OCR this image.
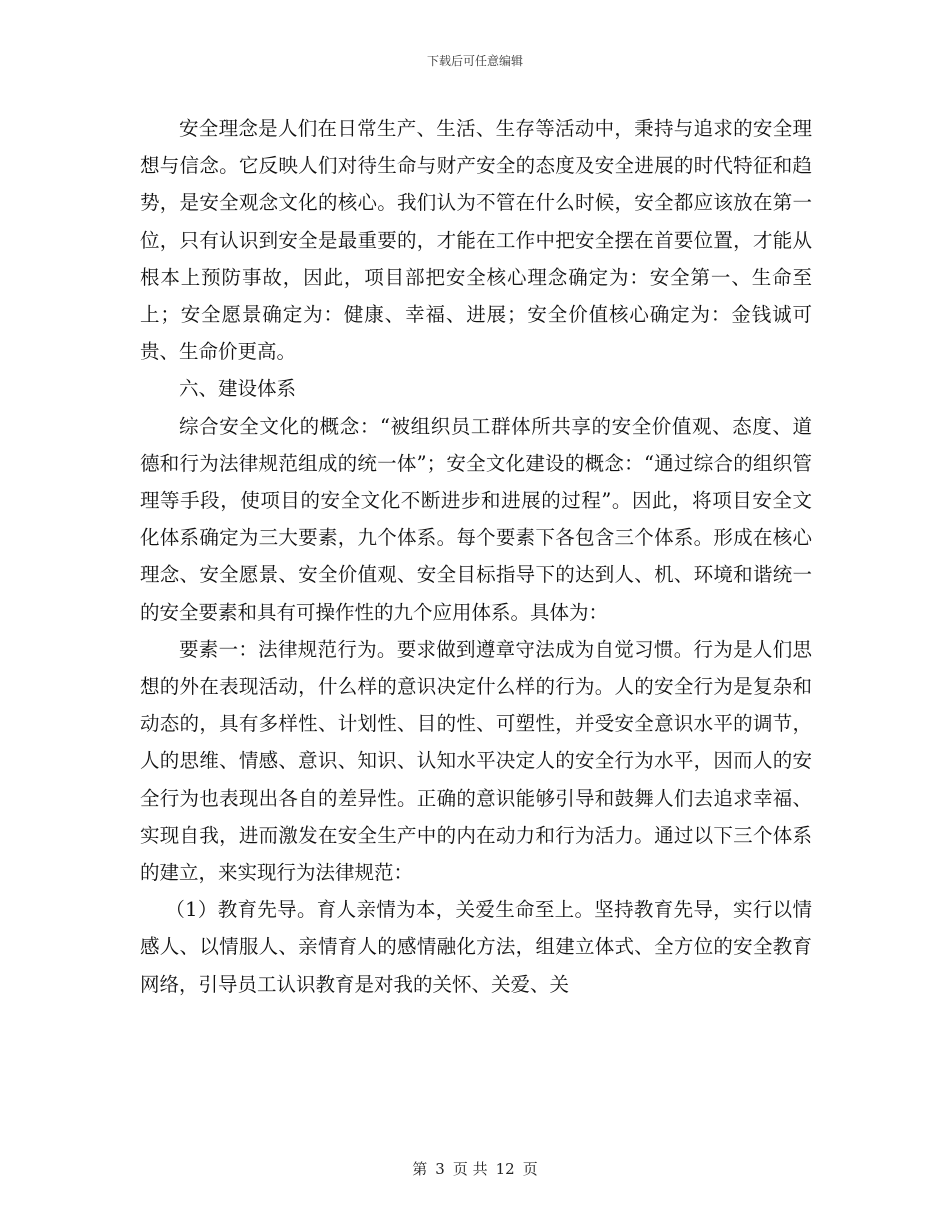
下载后可任意编辑

安全理念是人们在日常生产、生活、生存等活动中，秉持与追求的安全理想与信念。它反映人们对待生命与财产安全的态度及安全进展的时代特征和趋势，是安全观念文化的核心。我们认为不管在什么时候，安全都应该放在第一位，只有认识到安全是最重要的，才能在工作中把安全摆在首要位置，才能从根本上预防事故，因此，项目部把安全核心理念确定为：安全第一、生命至上；安全愿景确定为：健康、幸福、进展；安全价值核心确定为：金钱诚可贵、生命价更高。

六、建设体系

综合安全文化的概念：“被组织员工群体所共享的安全价值观、态度、道德和行为法律规范组成的统一体”；安全文化建设的概念：“通过综合的组织管理等手段，使项目的安全文化不断进步和进展的过程”。因此，将项目安全文化体系确定为三大要素，九个体系。每个要素下各包含三个体系。形成在核心理念、安全愿景、安全价值观、安全目标指导下的达到人、机、环境和谐统一的安全要素和具有可操作性的九个应用体系。具体为：

要素一：法律规范行为。要求做到遵章守法成为自觉习惯。行为是人们思想的外在表现活动，什么样的意识决定什么样的行为。人的安全行为是复杂和动态的，具有多样性、计划性、目的性、可塑性，并受安全意识水平的调节，人的思维、情感、意识、知识、认知水平决定人的安全行为水平，因而人的安全行为也表现出各自的差异性。正确的意识能够引导和鼓舞人们去追求幸福、实现自我，进而激发在安全生产中的内在动力和行为活力。通过以下三个体系的建立，来实现行为法律规范：

（1）教育先导。育人亲情为本，关爱生命至上。坚持教育先导，实行以情感人、以情服人、亲情育人的感情融化方法，组建立体式、全方位的安全教育网络，引导员工认识教育是对我的关怀、关爱、关

第 3 页 共 12 页
